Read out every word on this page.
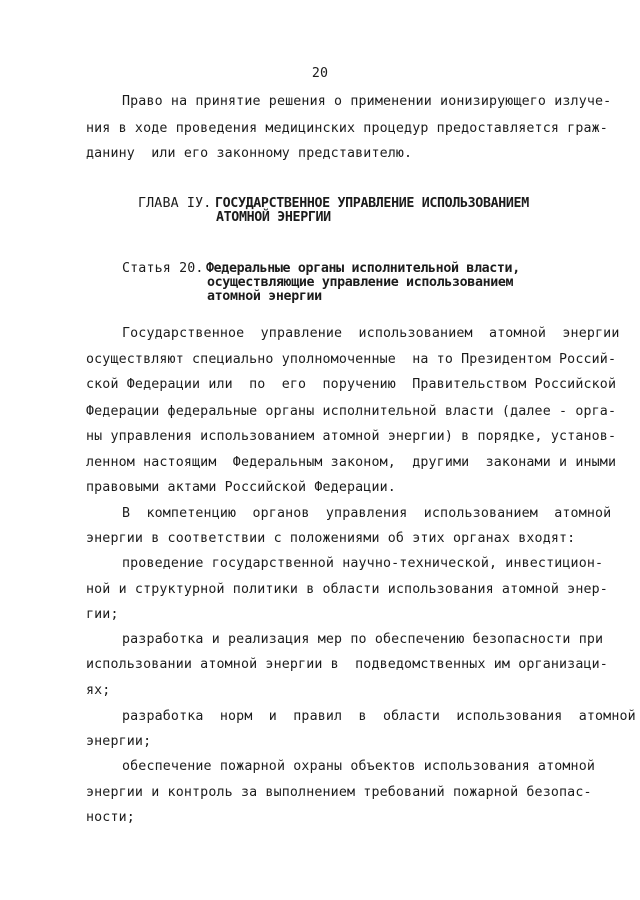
20
Право на принятие решения о применении ионизирующего излуче-
ния в ходе проведения медицинских процедур предоставляется граж-
данину  или его законному представителю.
ГЛАВА IУ. ГОСУДАРСТВЕННОЕ УПРАВЛЕНИЕ ИСПОЛЬЗОВАНИЕМ
АТОМНОЙ ЭНЕРГИИ
Статья 20. Федеральные органы исполнительной власти,
осуществляющие управление использованием
атомной энергии
Государственное  управление  использованием  атомной  энергии
осуществляют специально уполномоченные  на то Президентом Россий-
ской Федерации или  по  его  поручению  Правительством Российской
Федерации федеральные органы исполнительной власти (далее - орга-
ны управления использованием атомной энергии) в порядке, установ-
ленном настоящим  Федеральным законом,  другими  законами и иными
правовыми актами Российской Федерации.
В  компетенцию  органов  управления  использованием  атомной
энергии в соответствии с положениями об этих органах входят:
проведение государственной научно-технической, инвестицион-
ной и структурной политики в области использования атомной энер-
гии;
разработка и реализация мер по обеспечению безопасности при
использовании атомной энергии в  подведомственных им организаци-
ях;
разработка  норм  и  правил  в  области  использования  атомной
энергии;
обеспечение пожарной охраны объектов использования атомной
энергии и контроль за выполнением требований пожарной безопас-
ности;
